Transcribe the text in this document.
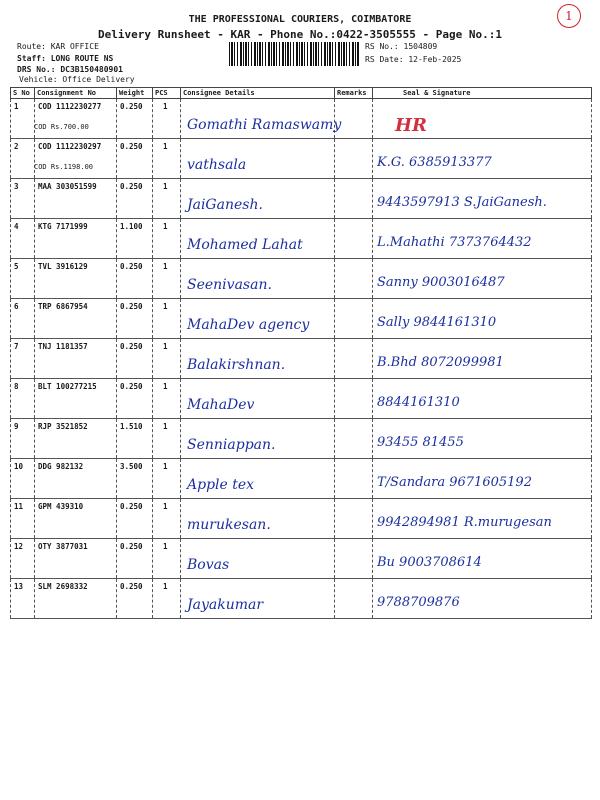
1
THE PROFESSIONAL COURIERS, COIMBATORE
Delivery Runsheet - KAR - Phone No.:0422-3505555 - Page No.:1
Route: KAR OFFICE
Staff: LONG ROUTE NS
DRS No.: DC3B150480901
Vehicle: Office Delivery
RS No.: 1504809
RS Date: 12-Feb-2025
S No	Consignment No	Weight	PCS	Consignee Details	Remarks	Seal & Signature
1	COD 1112230277
COD Rs.700.00	0.250	1	Gomathi Ramaswamy		HR

2	COD 1112230297
COD Rs.1198.00	0.250	1	vathsala		K.G. 6385913377

3	MAA 303051599	0.250	1	JaiGanesh.		9443597913 S.JaiGanesh.

4	KTG 7171999	1.100	1	Mohamed Lahat		L.Mahathi 7373764432

5	TVL 3916129	0.250	1	Seenivasan.		Sanny 9003016487

6	TRP 6867954	0.250	1	MahaDev agency		Sally 9844161310

7	TNJ 1181357	0.250	1	Balakirshnan.		B.Bhd 8072099981

8	BLT 100277215	0.250	1	MahaDev		8844161310

9	RJP 3521852	1.510	1	Senniappan.		93455 81455

10	DDG 982132	3.500	1	Apple tex		T/Sandara 9671605192

11	GPM 439310	0.250	1	murukesan.		9942894981 R.murugesan

12	OTY 3877031	0.250	1	Bovas		Bu 9003708614

13	SLM 2698332	0.250	1	Jayakumar		9788709876
